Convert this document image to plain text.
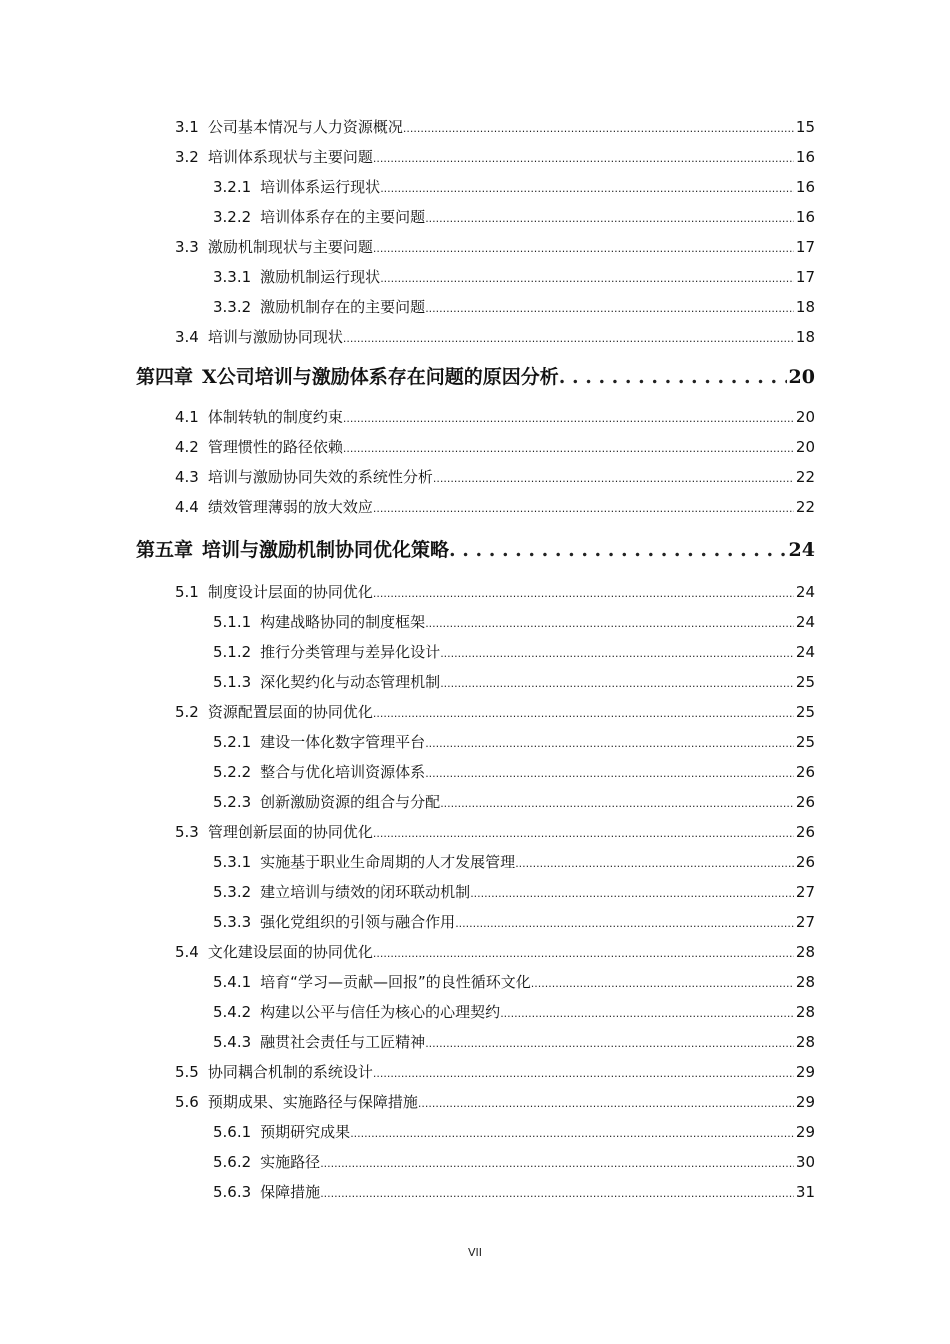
3.1 公司基本情况与人力资源概况 .....	15
3.2 培训体系现状与主要问题 .....	16
3.2.1 培训体系运行现状 .....	16
3.2.2 培训体系存在的主要问题 .....	16
3.3 激励机制现状与主要问题 .....	17
3.3.1 激励机制运行现状 .....	17
3.3.2 激励机制存在的主要问题 .....	18
3.4 培训与激励协同现状 .....	18
第四章 X公司培训与激励体系存在问题的原因分析 . . .	20
4.1 体制转轨的制度约束 .....	20
4.2 管理惯性的路径依赖 .....	20
4.3 培训与激励协同失效的系统性分析 .....	22
4.4 绩效管理薄弱的放大效应 .....	22
第五章 培训与激励机制协同优化策略 . . .	24
5.1 制度设计层面的协同优化 .....	24
5.1.1 构建战略协同的制度框架 .....	24
5.1.2 推行分类管理与差异化设计 .....	24
5.1.3 深化契约化与动态管理机制 .....	25
5.2 资源配置层面的协同优化 .....	25
5.2.1 建设一体化数字管理平台 .....	25
5.2.2 整合与优化培训资源体系 .....	26
5.2.3 创新激励资源的组合与分配 .....	26
5.3 管理创新层面的协同优化 .....	26
5.3.1 实施基于职业生命周期的人才发展管理 .....	26
5.3.2 建立培训与绩效的闭环联动机制 .....	27
5.3.3 强化党组织的引领与融合作用 .....	27
5.4 文化建设层面的协同优化 .....	28
5.4.1 培育“学习—贡献—回报”的良性循环文化 .....	28
5.4.2 构建以公平与信任为核心的心理契约 .....	28
5.4.3 融贯社会责任与工匠精神 .....	28
5.5 协同耦合机制的系统设计 .....	29
5.6 预期成果、实施路径与保障措施 .....	29
5.6.1 预期研究成果 .....	29
5.6.2 实施路径 .....	30
5.6.3 保障措施 .....	31
VII
